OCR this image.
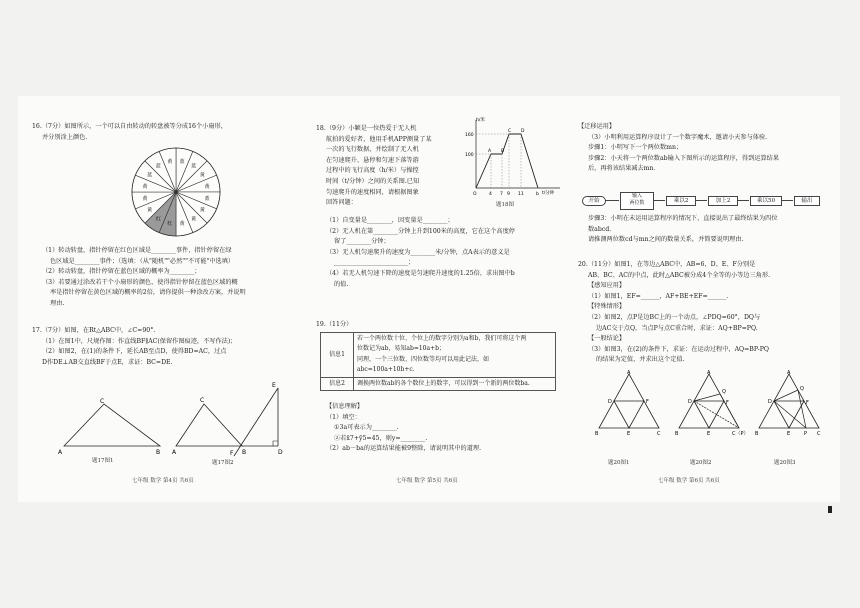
16.（7分）如图所示，一个可以自由转动的转盘被等分成16个小扇形，
并分别涂上颜色.
蓝
蓝
黄
黄
蓝
黄
黄
黄
红
红
黄
黄
黄
蓝
蓝
黄
（1）转动转盘，指针停留在红色区域是________事件，指针停留在绿
色区域是________事件；（选填：（从"随机""必然""不可能"中选填）
（2）转动转盘，指针停留在蓝色区域的概率为________；
（3）若要通过涂改若干个小扇形的颜色，使得指针停留在蓝色区域的概
率是指针停留在黄色区域的概率的2倍，请你提供一种涂改方案，并说明
理由.
17.（7分）如图，在Rt△ABC中，∠C=90°.
（1）在图1中，尺规作图：作直线BF∥AC(保留作图痕迹，不写作法)；
（2）如图2，在(1)的条件下，延长AB至点D，使得BD=AC，过点
D作DE⊥AB交直线BF于点E，求证：BC=DE.
C
A	B
题17图1
C
A	B	D
E
F
题17图2
七年级 数学 第4页 共6页
18.（9分）小颖是一位热爱于无人机
航拍的爱好者，他用手机APP测量了某
一次的飞行数据，并绘制了无人机
在匀速爬升、悬停和匀速下落等游
过程中的飞行高度（h/米）与操控
时间（t/分钟）之间的关系图.已知
匀速爬升的速度相同，请根据图象
回答问题：
h/米
t/分钟
160
100
O	4 7 9 11	b
A B
C D
题18图
（1）自变量是________，因变量是________；
（2）无人机在第________分钟上升到100米的高度，它在这个高度停
留了________分钟；
（3）无人机匀速爬升的速度为________米/分钟，点A表示的意义是
________________________；
（4）若无人机匀速下降的速度是匀速爬升速度的1.25倍，求出图中b
的值.
19.（11分）
信息1	若一个两位数十位、个位上的数字分别为a和b，我们可将这个两
位数记为ab，易知ab=10a+b；
同理，一个三位数、四位数等均可以用此记法，如
abc=100a+10b+c.

信息2	调换两位数ab的各个数位上的数字，可以得到一个新的两位数ba.
【信息理解】
（1）填空：
①3a可表示为________.
②若x̄7+ȳ5=45，则y=________.
（2）ab－ba的运算结果能被9整除，请说明其中的道理.
七年级 数学 第5页 共6页
【迁移运用】
（3）小明利用运算程序设计了一个数字魔术，邀请小天参与体验.
步骤1：小明写下一个两位数mn；
步骤2：小天将一个两位数ab输入下图所示的运算程序，得到运算结果
后，再将该结果减去mn．
开始
输入
两位数	乘以2	加上2	乘以50	输出
步骤3：小明在未运用运算程序的情况下，直接说出了最终结果为四位
数abcd．
请推测两位数cd与mn之间的数量关系，并简要说明理由.
20.（11分）如图1，在等边△ABC中，AB=6，D、E、F分别是
AB、BC、AC的中点，此时△ABC被分成4个全等的小等边三角形.
【感知应用】
（1）如图1，EF=______，AF+BE+EF=______.
【特殊情形】
（2）如图2，点P是边BC上的一个动点，∠PDQ=60°，DQ与
边AC交于点Q，当点P与点C重合时，求证：AQ+BP=PQ.
【一般结论】
（3）如图3，在(2)的条件下，求证：在运动过程中，AQ=BP-PQ
的结果为定值，并求出这个定值.
A
D	F
B	E	C
题20图1
A
D
Q
F
B	E	C（P）
题20图2
A
D
Q
F
B	E	P C
题20图3
七年级 数学 第6页 共6页
